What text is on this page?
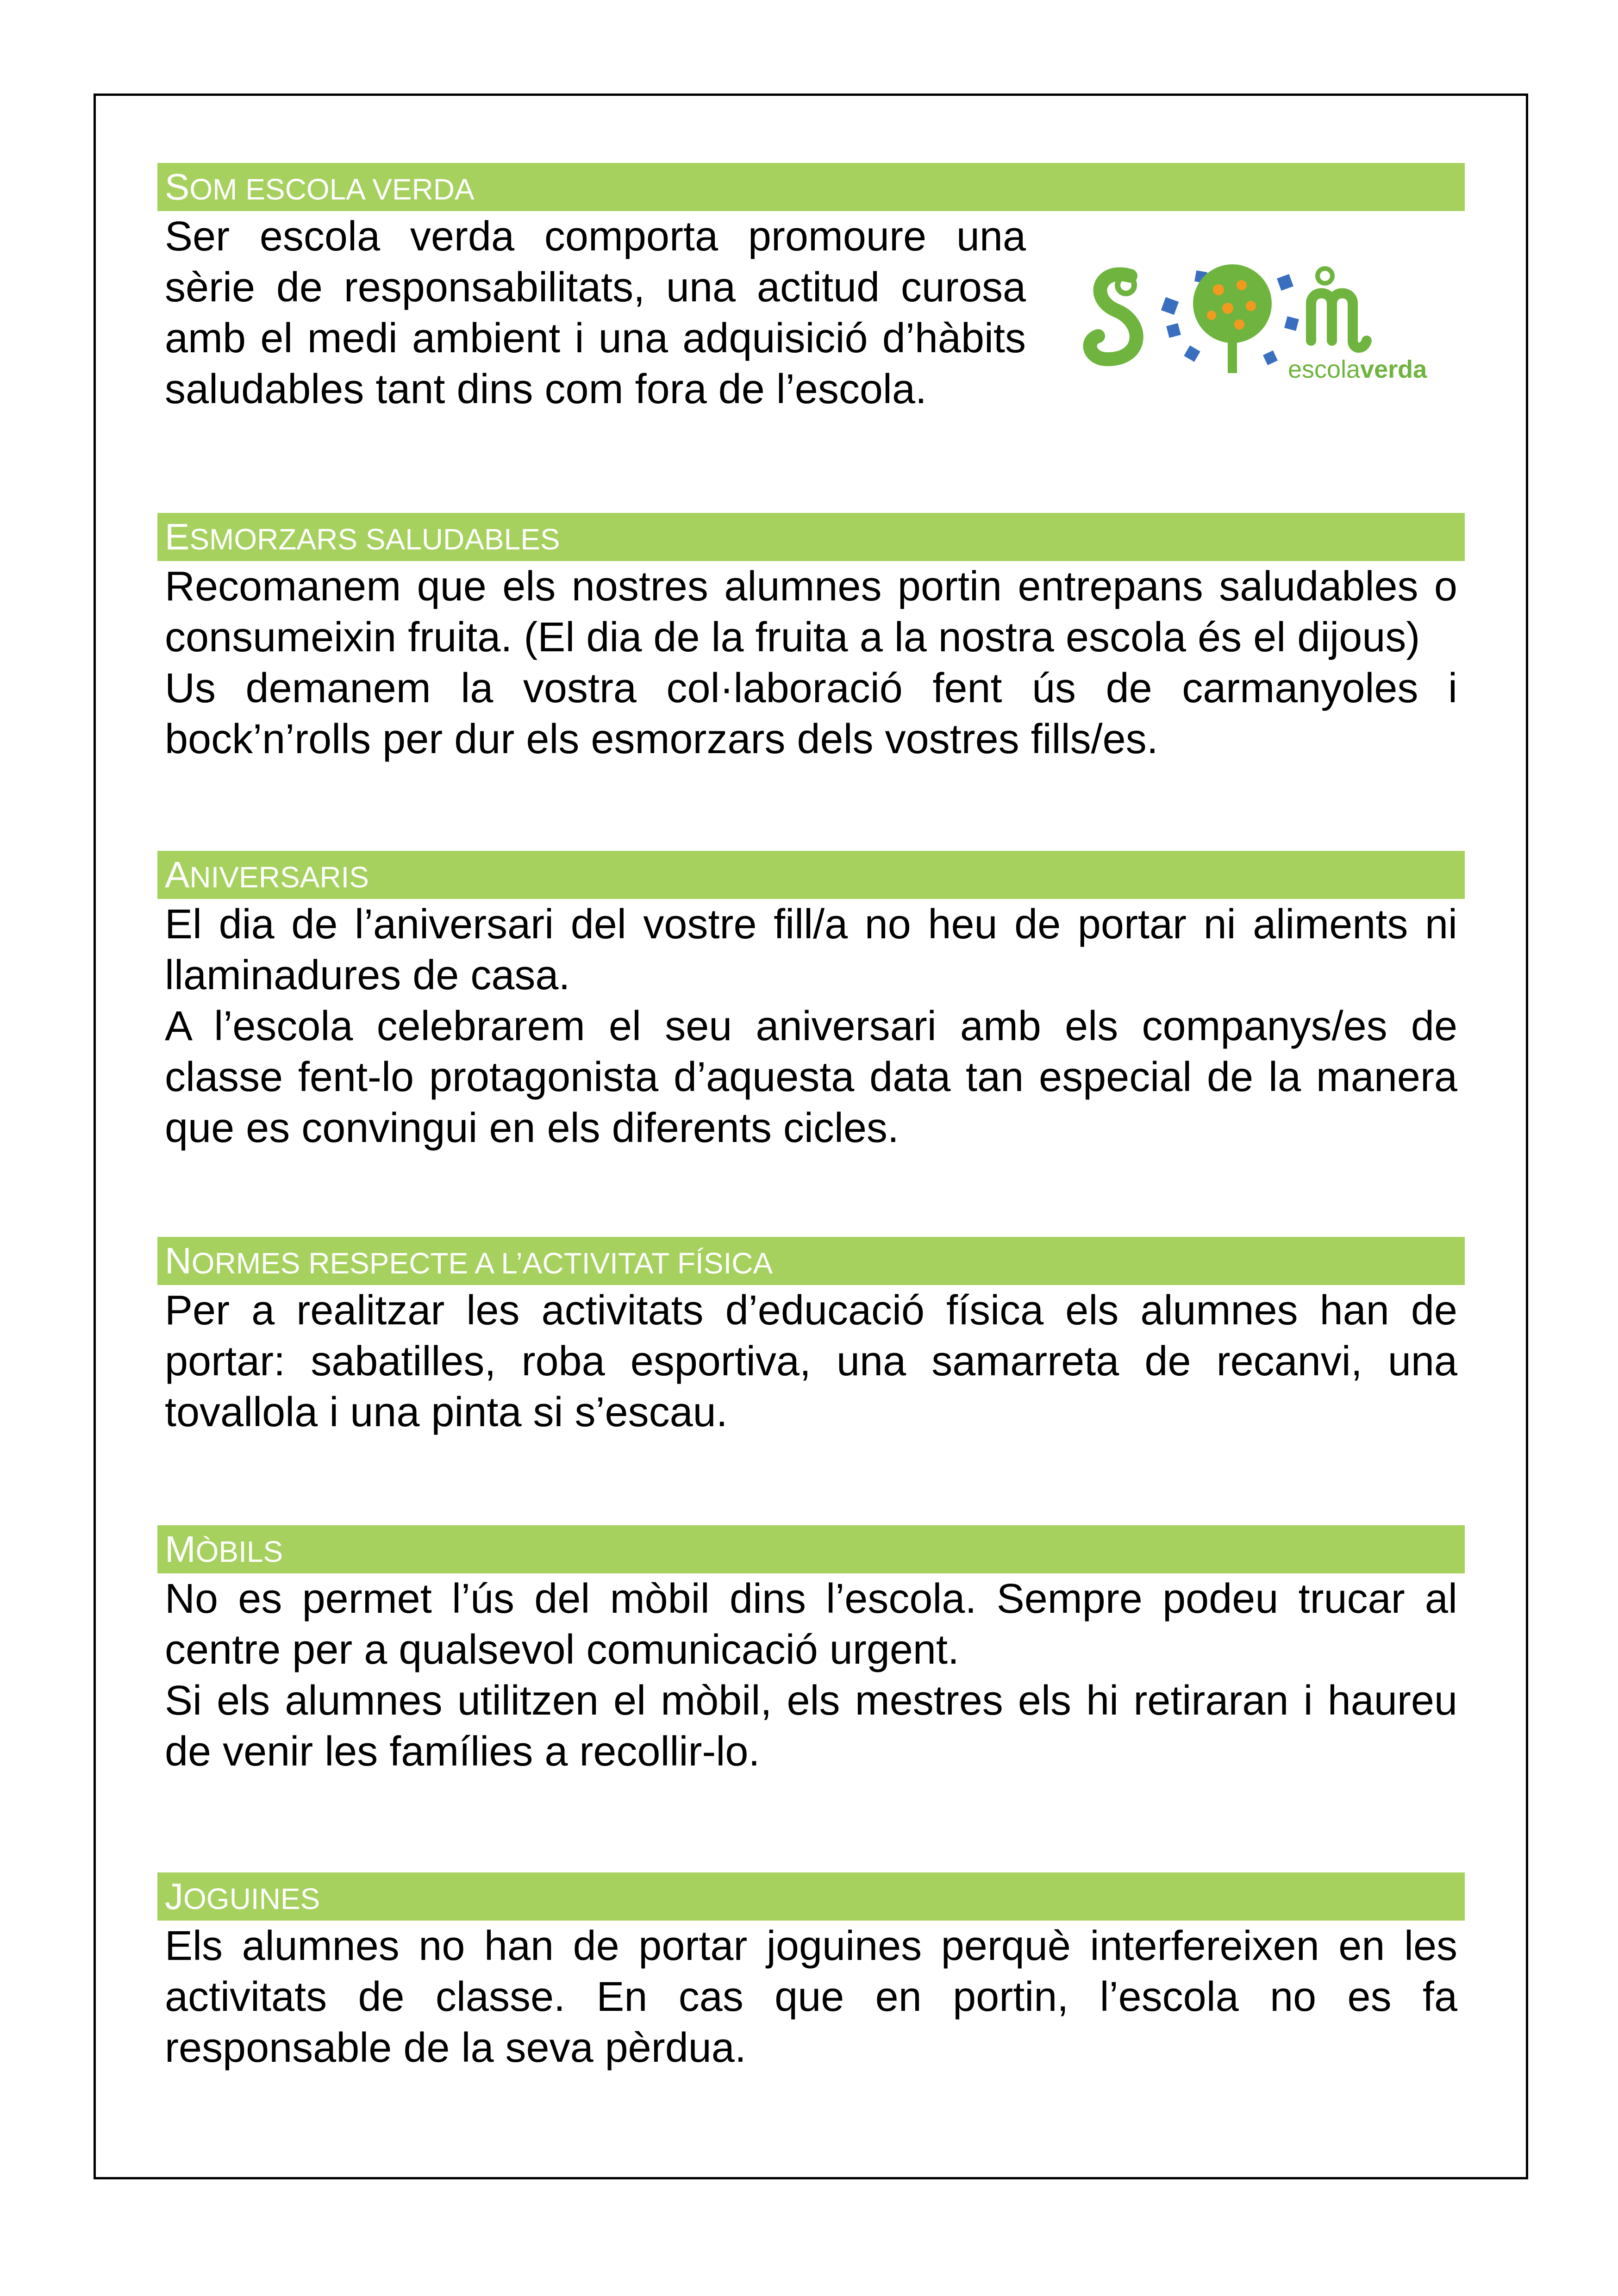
SOM ESCOLA VERDA

Ser escola verda comporta promoure una sèrie de responsabilitats, una actitud curosa amb el medi ambient i una adquisició d’hàbits saludables tant dins com fora de l’escola.	escolaverda
ESMORZARS SALUDABLES

Recomanem que els nostres alumnes portin entrepans saludables o consumeixin fruita. (El dia de la fruita a la nostra escola és el dijous)

Us demanem la vostra col·laboració fent ús de carmanyoles i bock’n’rolls per dur els esmorzars dels vostres fills/es.

ANIVERSARIS

El dia de l’aniversari del vostre fill/a no heu de portar ni aliments ni llaminadures de casa.

A l’escola celebrarem el seu aniversari amb els companys/es de classe fent-lo protagonista d’aquesta data tan especial de la manera que es convingui en els diferents cicles.

NORMES RESPECTE A L’ACTIVITAT FÍSICA

Per a realitzar les activitats d’educació física els alumnes han de portar: sabatilles, roba esportiva, una samarreta de recanvi, una tovallola i una pinta si s’escau.

MÒBILS

No es permet l’ús del mòbil dins l’escola. Sempre podeu trucar al centre per a qualsevol comunicació urgent.

Si els alumnes utilitzen el mòbil, els mestres els hi retiraran i haureu de venir les famílies a recollir-lo.

JOGUINES

Els alumnes no han de portar joguines perquè interfereixen en les activitats de classe. En cas que en portin, l’escola no es fa responsable de la seva pèrdua.
